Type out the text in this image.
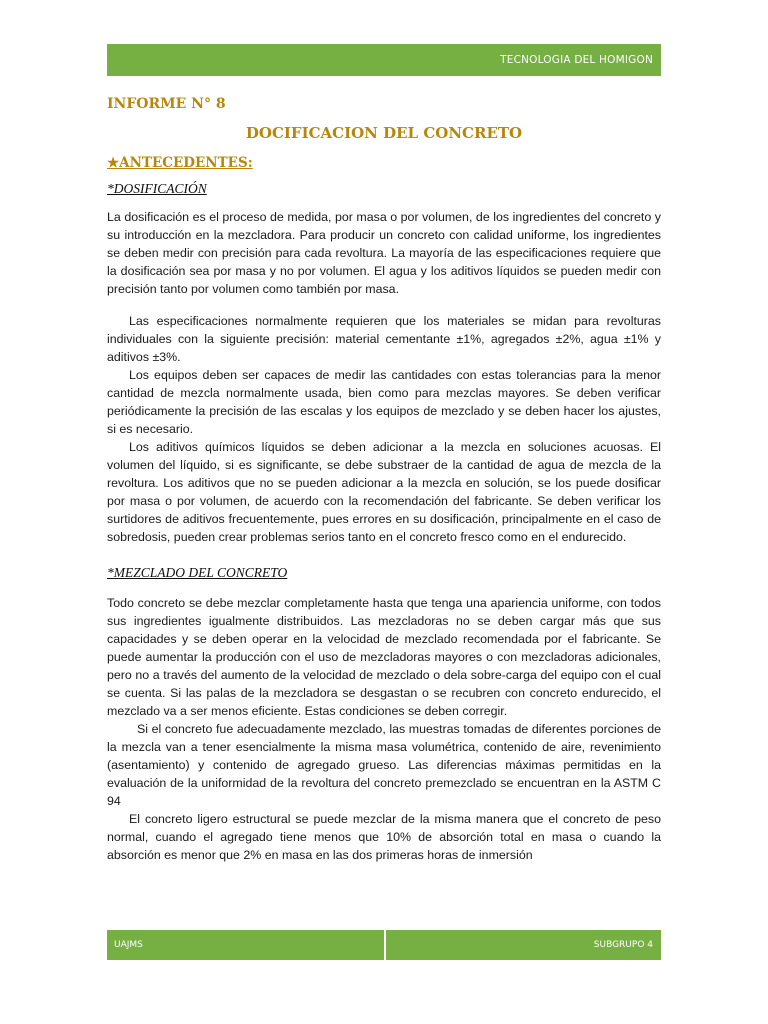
TECNOLOGIA DEL HOMIGON

INFORME N° 8

DOCIFICACION DEL CONCRETO

★ANTECEDENTES:

*DOSIFICACIÓN

La dosificación es el proceso de medida, por masa o por volumen, de los ingredientes del concreto y su introducción en la mezcladora. Para producir un concreto con calidad uniforme, los ingredientes se deben medir con precisión para cada revoltura. La mayoría de las especificaciones requiere que la dosificación sea por masa y no por volumen. El agua y los aditivos líquidos se pueden medir con precisión tanto por volumen como también por masa.

Las especificaciones normalmente requieren que los materiales se midan para revolturas individuales con la siguiente precisión: material cementante ±1%, agregados ±2%, agua ±1% y aditivos ±3%.

Los equipos deben ser capaces de medir las cantidades con estas tolerancias para la menor cantidad de mezcla normalmente usada, bien como para mezclas mayores. Se deben verificar periódicamente la precisión de las escalas y los equipos de mezclado y se deben hacer los ajustes, si es necesario.

Los aditivos químicos líquidos se deben adicionar a la mezcla en soluciones acuosas. El volumen del líquido, si es significante, se debe substraer de la cantidad de agua de mezcla de la revoltura. Los aditivos que no se pueden adicionar a la mezcla en solución, se los puede dosificar por masa o por volumen, de acuerdo con la recomendación del fabricante. Se deben verificar los surtidores de aditivos frecuentemente, pues errores en su dosificación, principalmente en el caso de sobredosis, pueden crear problemas serios tanto en el concreto fresco como en el endurecido.

*MEZCLADO DEL CONCRETO

Todo concreto se debe mezclar completamente hasta que tenga una apariencia uniforme, con todos sus ingredientes igualmente distribuidos. Las mezcladoras no se deben cargar más que sus capacidades y se deben operar en la velocidad de mezclado recomendada por el fabricante. Se puede aumentar la producción con el uso de mezcladoras mayores o con mezcladoras adicionales, pero no a través del aumento de la velocidad de mezclado o dela sobre-carga del equipo con el cual se cuenta. Si las palas de la mezcladora se desgastan o se recubren con concreto endurecido, el mezclado va a ser menos eficiente. Estas condiciones se deben corregir.

Si el concreto fue adecuadamente mezclado, las muestras tomadas de diferentes porciones de la mezcla van a tener esencialmente la misma masa volumétrica, contenido de aire, revenimiento (asentamiento) y contenido de agregado grueso. Las diferencias máximas permitidas en la evaluación de la uniformidad de la revoltura del concreto premezclado se encuentran en la ASTM C 94

El concreto ligero estructural se puede mezclar de la misma manera que el concreto de peso normal, cuando el agregado tiene menos que 10% de absorción total en masa o cuando la absorción es menor que 2% en masa en las dos primeras horas de inmersión

UAJMS	SUBGRUPO 4
